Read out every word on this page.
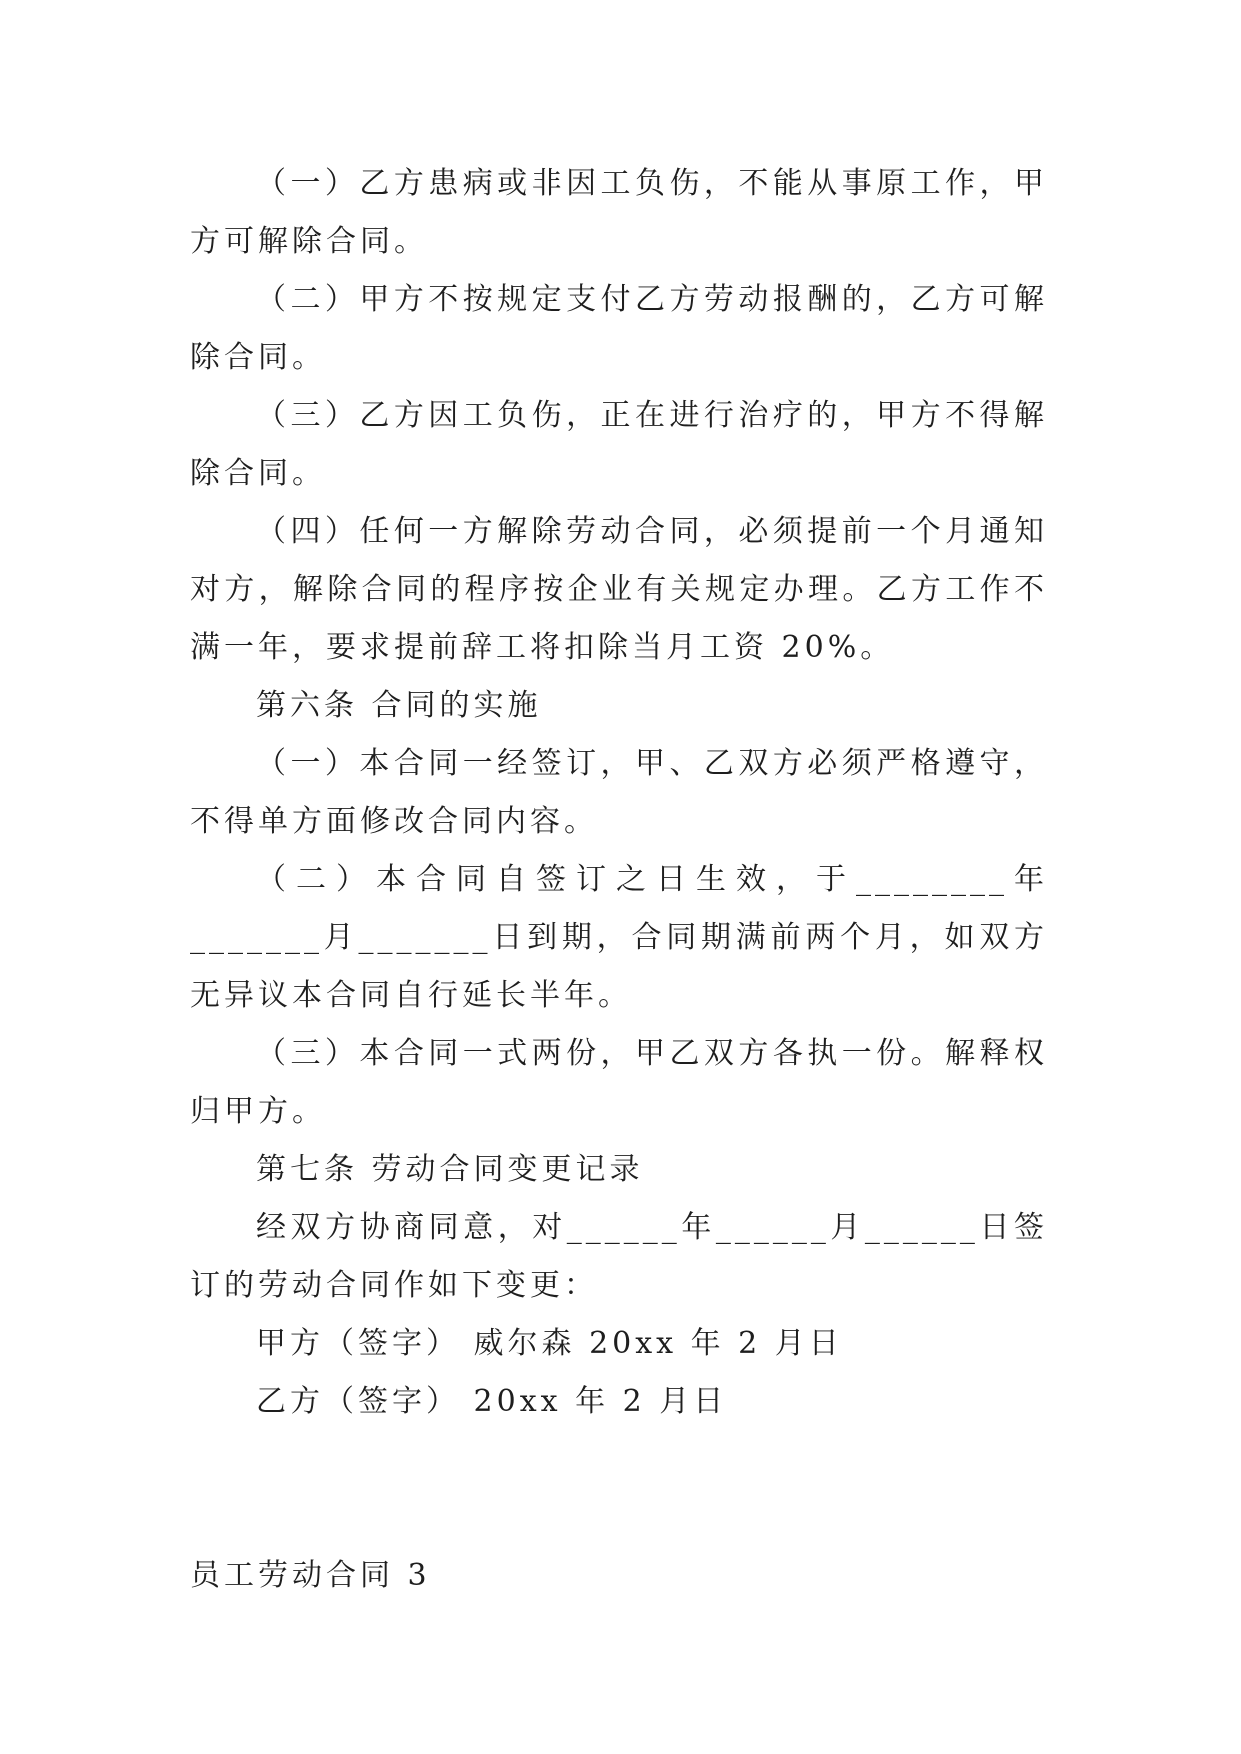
（一）乙方患病或非因工负伤，不能从事原工作，甲方可解除合同。

（二）甲方不按规定支付乙方劳动报酬的，乙方可解除合同。

（三）乙方因工负伤，正在进行治疗的，甲方不得解除合同。

（四）任何一方解除劳动合同，必须提前一个月通知对方，解除合同的程序按企业有关规定办理。乙方工作不满一年，要求提前辞工将扣除当月工资 20%。

第六条 合同的实施

（一）本合同一经签订，甲、乙双方必须严格遵守，不得单方面修改合同内容。

（二）本合同自签订之日生效，于________年_______月_______日到期，合同期满前两个月，如双方无异议本合同自行延长半年。

（三）本合同一式两份，甲乙双方各执一份。解释权归甲方。

第七条 劳动合同变更记录

经双方协商同意，对______年______月______日签订的劳动合同作如下变更：

甲方（签字） 威尔森 20xx 年 2 月日

乙方（签字） 20xx 年 2 月日

员工劳动合同 3
